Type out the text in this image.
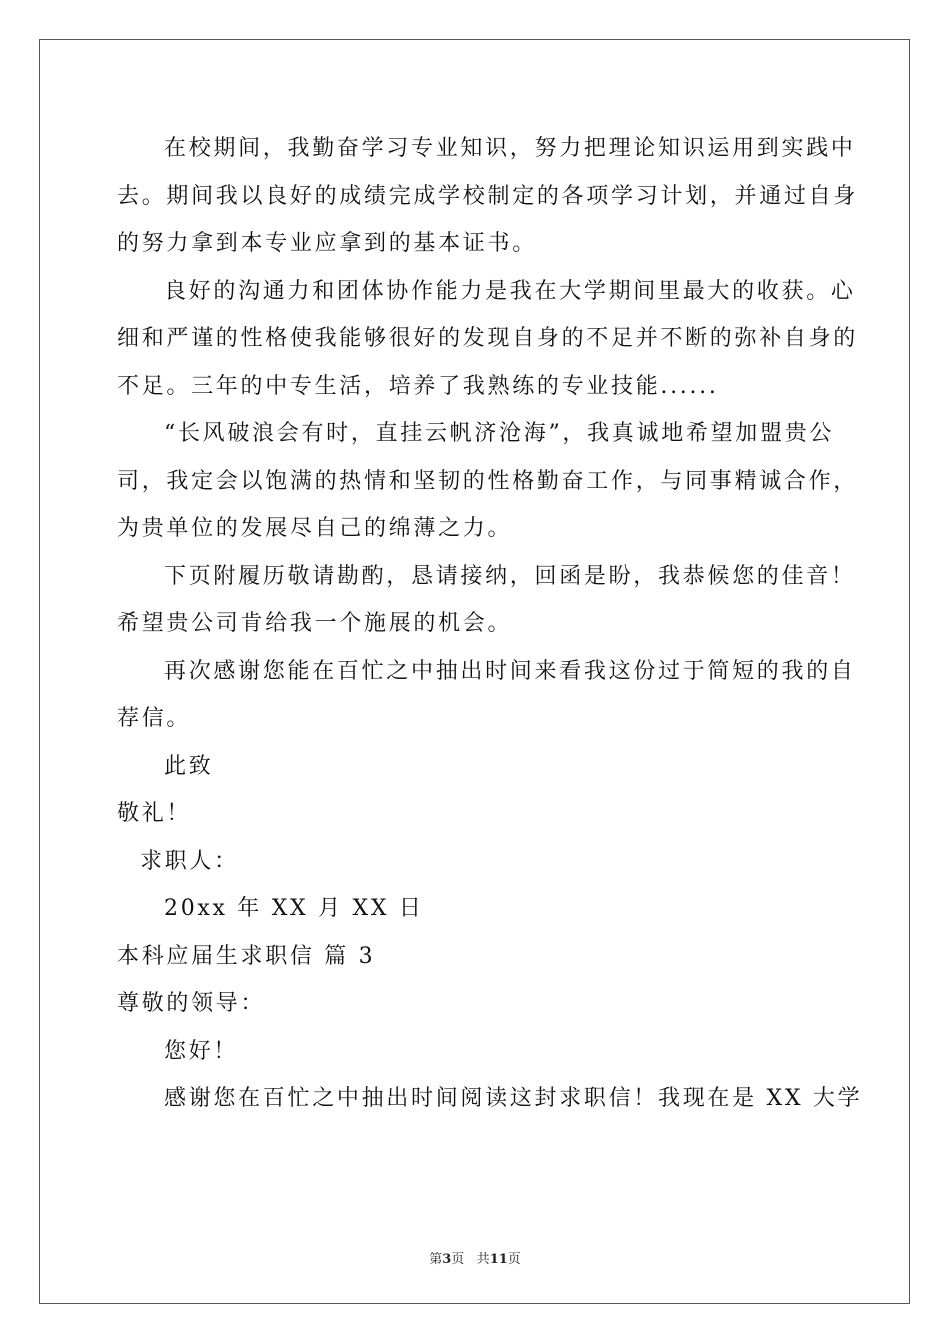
在校期间，我勤奋学习专业知识，努力把理论知识运用到实践中
去。期间我以良好的成绩完成学校制定的各项学习计划，并通过自身
的努力拿到本专业应拿到的基本证书。
良好的沟通力和团体协作能力是我在大学期间里最大的收获。心
细和严谨的性格使我能够很好的发现自身的不足并不断的弥补自身的
不足。三年的中专生活，培养了我熟练的专业技能......
“长风破浪会有时，直挂云帆济沧海”，我真诚地希望加盟贵公
司，我定会以饱满的热情和坚韧的性格勤奋工作，与同事精诚合作，
为贵单位的发展尽自己的绵薄之力。
下页附履历敬请勘酌，恳请接纳，回函是盼，我恭候您的佳音！
希望贵公司肯给我一个施展的机会。
再次感谢您能在百忙之中抽出时间来看我这份过于简短的我的自
荐信。
此致
敬礼！
求职人：
20xx 年 XX 月 XX 日
本科应届生求职信 篇 3
尊敬的领导：
您好！
感谢您在百忙之中抽出时间阅读这封求职信！我现在是 XX 大学
第3页 共11页
